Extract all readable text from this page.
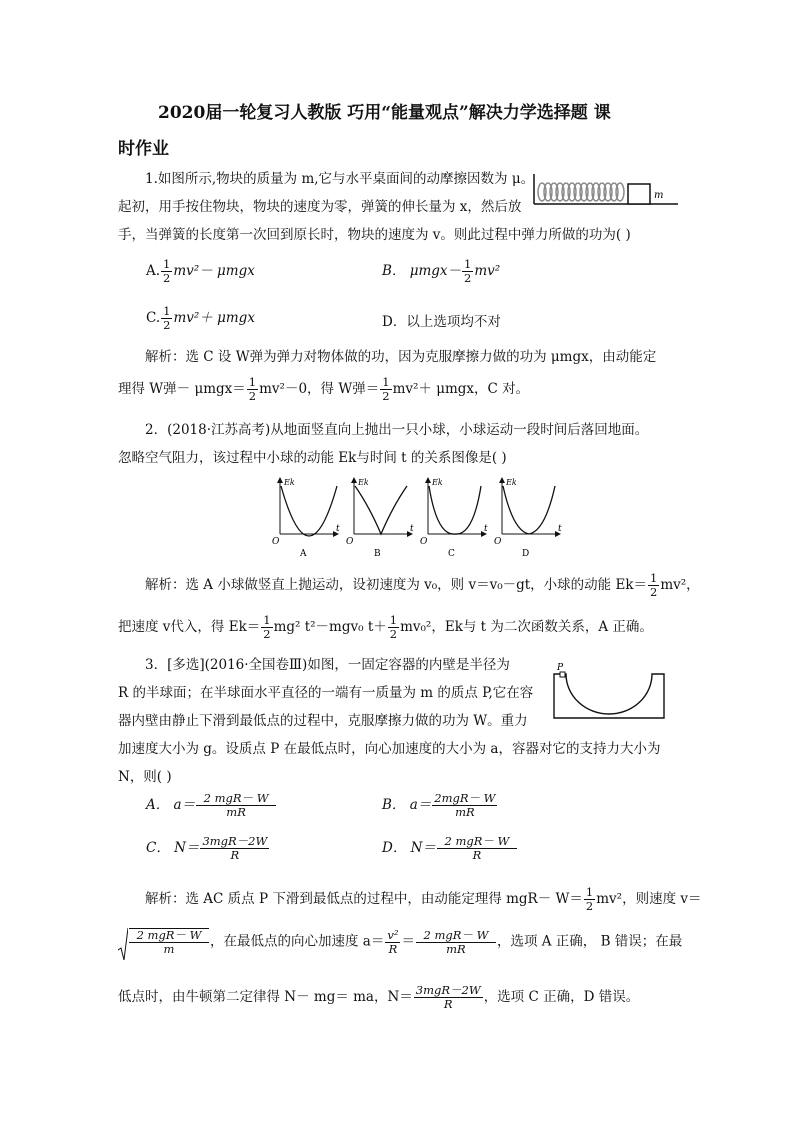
2020届一轮复习人教版 巧用“能量观点”解决力学选择题 课
时作业
1.如图所示,物块的质量为 m,它与水平桌面间的动摩擦因数为 μ。
起初，用手按住物块，物块的速度为零，弹簧的伸长量为 x，然后放
手，当弹簧的长度第一次回到原长时，物块的速度为 v。则此过程中弹力所做的功为( )
m
A. $\frac{1}{2} mv^2- \mu mgx$	B． $\mu mgx- \frac{1}{2} mv^2$
C. $\frac{1}{2} mv^2+ \mu mgx$	D．以上选项均不对
解析：选 C 设 W弹为弹力对物体做的功，因为克服摩擦力做的功为 μmgx，由动能定
理得 W弹－ $\mu mgx= \frac{1}{2} mv^2-0$，得 W弹＝ $\frac{1}{2} mv^2+ \mu mgx$，C 对。
2．(2018·江苏高考)从地面竖直向上抛出一只小球，小球运动一段时间后落回地面。
忽略空气阻力，该过程中小球的动能 Ek与时间 t 的关系图像是( )
Ek
t
O
A
Ek
t
O
B
Ek
t
O
C
Ek
t
O
D
解析：选 A 小球做竖直上抛运动，设初速度为 v₀，则 v＝v₀－gt，小球的动能 $Ek= \frac{1}{2} mv^2$，
把速度 v代入，得 $Ek= \frac{1}{2} mg^2$ t²－mgv₀ $t+ \frac{1}{2} mv_0^2$，Ek与 t 为二次函数关系，A 正确。
3．[多选](2016·全国卷Ⅲ)如图，一固定容器的内壁是半径为
R 的半球面；在半球面水平直径的一端有一质量为 m 的质点 P,它在容
器内壁由静止下滑到最低点的过程中，克服摩擦力做的功为 W。重力
加速度大小为 g。设质点 P 在最低点时，向心加速度的大小为 a，容器对它的支持力大小为
N，则( )
P
A． $a= \frac{\text{2 mgR－ W}}{mR}$	B． $a= \frac{\text{2mgR－ W}}{mR}$
C． $N= \frac{\text{3mgR－2W}}{R}$	D． $N= \frac{\text{2 mgR－ W}}{R}$
解析：选 AC 质点 P 下滑到最低点的过程中，由动能定理得 $mgR- W= \frac{1}{2} mv^2$，则速度 v＝
$\frac{\text{2 mgR－ W}}{m}$ ，在最低点的向心加速度 $a= \frac{\text{v²}}{R} = \frac{\text{2 mgR－ W}}{mR}$ ，选项 A 正确， B 错误；在最
低点时，由牛顿第二定律得 N－ mg＝ ma，$N= \frac{\text{3mgR－2W}}{R}$ ，选项 C 正确，D 错误。
